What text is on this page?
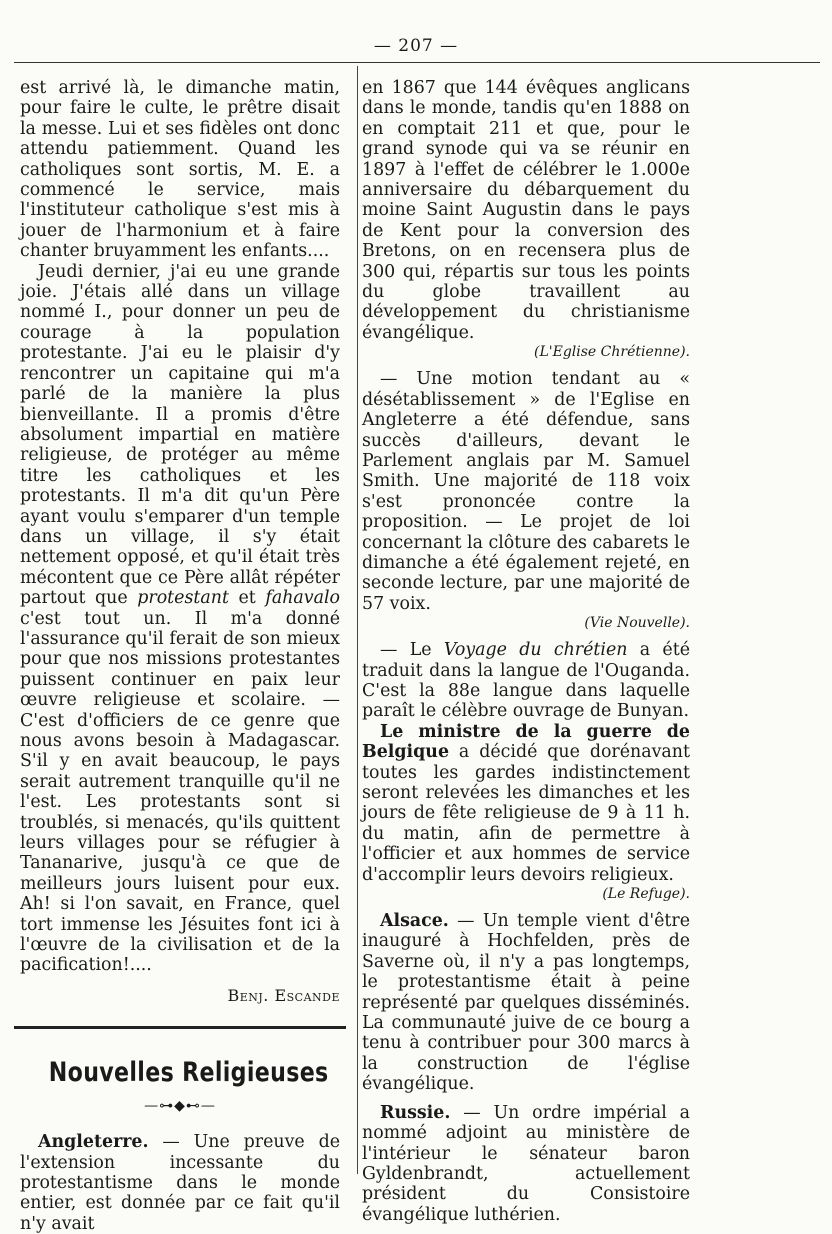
— 207 —

est arrivé là, le dimanche matin, pour faire le culte, le prêtre disait la messe. Lui et ses fidèles ont donc attendu patiemment. Quand les catholiques sont sortis, M. E. a commencé le service, mais l'instituteur catholique s'est mis à jouer de l'harmonium et à faire chanter bruyamment les enfants....

Jeudi dernier, j'ai eu une grande joie. J'étais allé dans un village nommé I., pour donner un peu de courage à la population protestante. J'ai eu le plaisir d'y rencontrer un capitaine qui m'a parlé de la manière la plus bienveillante. Il a promis d'être absolument impartial en matière religieuse, de protéger au même titre les catholiques et les protestants. Il m'a dit qu'un Père ayant voulu s'emparer d'un temple dans un village, il s'y était nettement opposé, et qu'il était très mécontent que ce Père allât répéter partout que protestant et fahavalo c'est tout un. Il m'a donné l'assurance qu'il ferait de son mieux pour que nos missions protestantes puissent continuer en paix leur œuvre religieuse et scolaire. — C'est d'officiers de ce genre que nous avons besoin à Madagascar. S'il y en avait beaucoup, le pays serait autrement tranquille qu'il ne l'est. Les protestants sont si troublés, si menacés, qu'ils quittent leurs villages pour se réfugier à Tananarive, jusqu'à ce que de meilleurs jours luisent pour eux. Ah! si l'on savait, en France, quel tort immense les Jésuites font ici à l'œuvre de la civilisation et de la pacification!....

Benj. Escande

Nouvelles Religieuses
—⊶◆⊷—

Angleterre. — Une preuve de l'extension incessante du protestantisme dans le monde entier, est donnée par ce fait qu'il n'y avait

en 1867 que 144 évêques anglicans dans le monde, tandis qu'en 1888 on en comptait 211 et que, pour le grand synode qui va se réunir en 1897 à l'effet de célébrer le 1.000e anniversaire du débarquement du moine Saint Augustin dans le pays de Kent pour la conversion des Bretons, on en recensera plus de 300 qui, répartis sur tous les points du globe travaillent au développement du christianisme évangélique.

(L'Eglise Chrétienne).

— Une motion tendant au « désétablissement » de l'Eglise en Angleterre a été défendue, sans succès d'ailleurs, devant le Parlement anglais par M. Samuel Smith. Une majorité de 118 voix s'est prononcée contre la proposition. — Le projet de loi concernant la clôture des cabarets le dimanche a été également rejeté, en seconde lecture, par une majorité de 57 voix.

(Vie Nouvelle).

— Le Voyage du chrétien a été traduit dans la langue de l'Ouganda. C'est la 88e langue dans laquelle paraît le célèbre ouvrage de Bunyan.

Le ministre de la guerre de Belgique a décidé que dorénavant toutes les gardes indistinctement seront relevées les dimanches et les jours de fête religieuse de 9 à 11 h. du matin, afin de permettre à l'officier et aux hommes de service d'accomplir leurs devoirs religieux.

(Le Refuge).

Alsace. — Un temple vient d'être inauguré à Hochfelden, près de Saverne où, il n'y a pas longtemps, le protestantisme était à peine représenté par quelques disséminés. La communauté juive de ce bourg a tenu à contribuer pour 300 marcs à la construction de l'église évangélique.

Russie. — Un ordre impérial a nommé adjoint au ministère de l'intérieur le sénateur baron Gyldenbrandt, actuellement président du Consistoire évangélique luthérien.
